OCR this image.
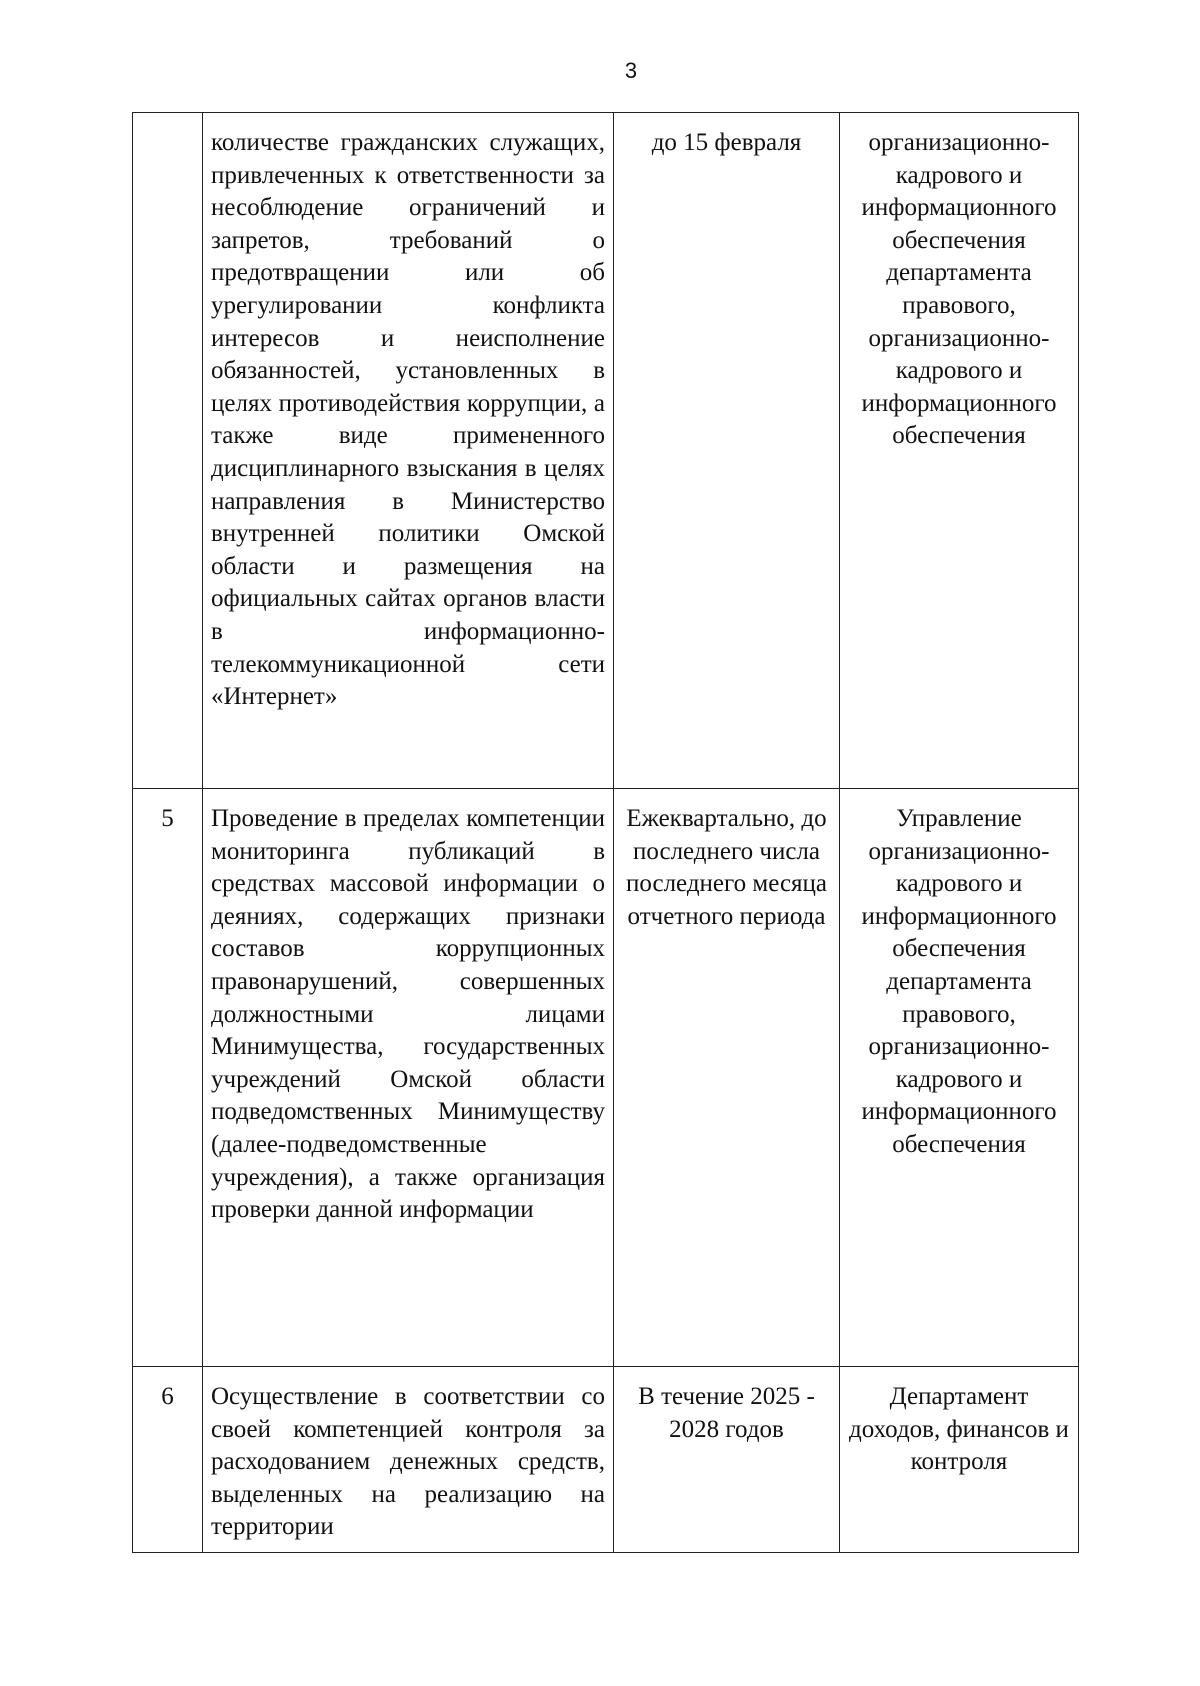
3
	количестве гражданских служащих, привлеченных к ответственности за несоблюдение ограничений и запретов, требований о предотвращении или об урегулировании конфликта интересов и неисполнение обязанностей, установленных в целях противодействия коррупции, а также виде примененного дисциплинарного взыскания в целях направления в Министерство внутренней политики Омской области и размещения на официальных сайтах органов власти в информационно-телекоммуникационной сети «Интернет»	до 15 февраля	организационно-кадрового и информационного обеспечения департамента правового, организационно-кадрового и информационного обеспечения
5	Проведение в пределах компетенции мониторинга публикаций в средствах массовой информации о деяниях, содержащих признаки составов коррупционных правонарушений, совершенных должностными лицами Минимущества, государственных учреждений Омской области подведомственных Минимуществу (далее-подведомственные учреждения), а также организация проверки данной информации	Ежеквартально, до последнего числа последнего месяца отчетного периода	Управление организационно-кадрового и информационного обеспечения департамента правового, организационно-кадрового и информационного обеспечения
6	Осуществление в соответствии со своей компетенцией контроля за расходованием денежных средств, выделенных на реализацию на территории	В течение 2025 - 2028 годов	Департамент доходов, финансов и контроля
